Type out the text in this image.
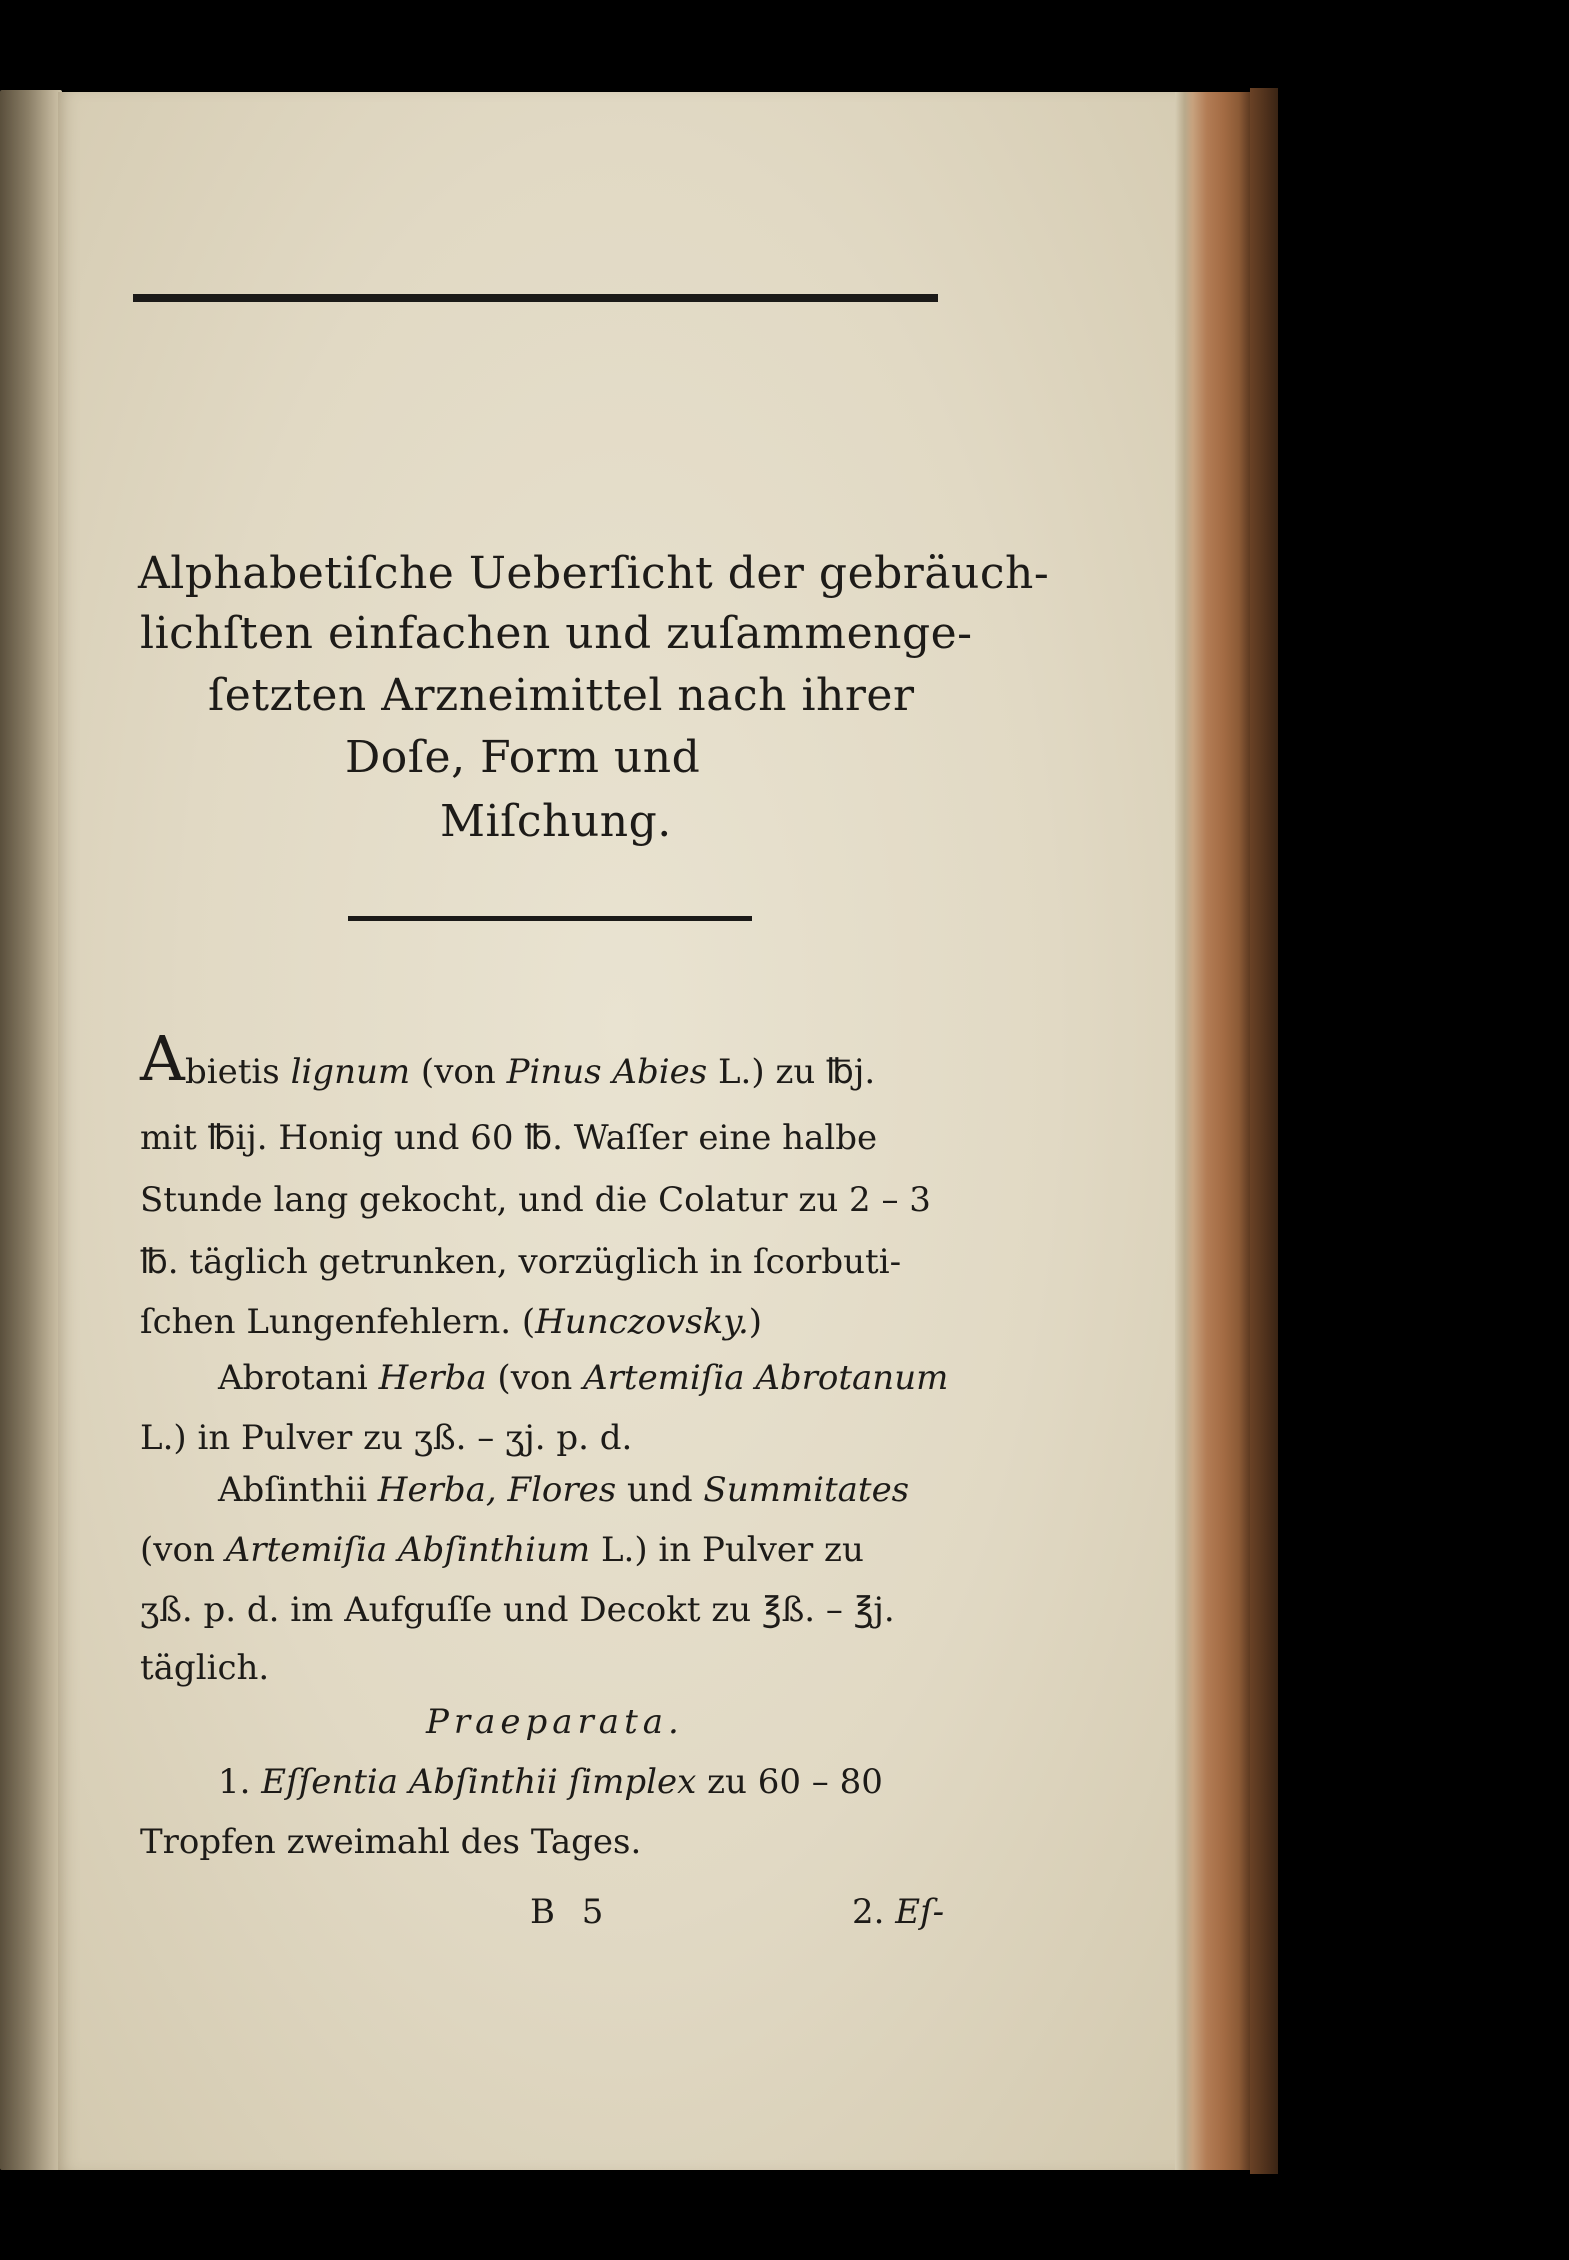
Alphabetiſche Ueberſicht der gebräuch-
lichſten einfachen und zuſammenge-
ſetzten Arzneimittel nach ihrer
Doſe, Form und
Miſchung.
A bietis lignum (von Pinus Abies L.) zu ℔j.
mit ℔ij. Honig und 60 ℔. Waſſer eine halbe
Stunde lang gekocht, und die Colatur zu 2 – 3
℔. täglich getrunken, vorzüglich in ſcorbuti-
ſchen Lungenfehlern. (Hunczovsky.)
Abrotani Herba (von Artemiſia Abrotanum
L.) in Pulver zu ʒß. – ʒj. p. d.
Abſinthii Herba, Flores und Summitates
(von Artemiſia Abſinthium L.) in Pulver zu
ʒß. p. d. im Aufguſſe und Decokt zu ℥ß. – ℥j.
täglich.
Praeparata.
1. Eſſentia Abſinthii ſimplex zu 60 – 80
Tropfen zweimahl des Tages.
B 5	2. Eſ-
